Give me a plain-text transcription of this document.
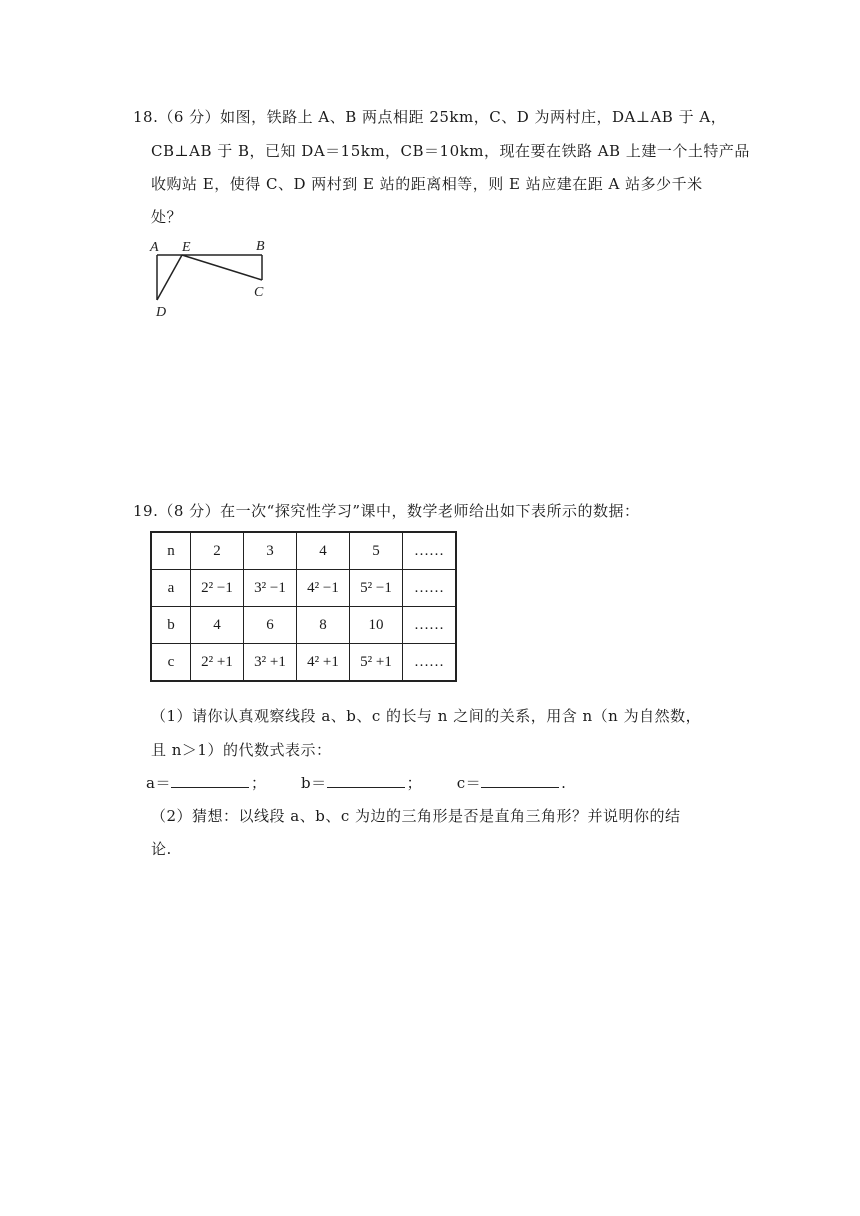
18.（6 分）如图，铁路上 A、B 两点相距 25km，C、D 为两村庄，DA⊥AB 于 A，
CB⊥AB 于 B，已知 DA＝15km，CB＝10km，现在要在铁路 AB 上建一个土特产品
收购站 E，使得 C、D 两村到 E 站的距离相等，则 E 站应建在距 A 站多少千米
处？
A E	B
C
D
19.（8 分）在一次“探究性学习”课中，数学老师给出如下表所示的数据：
n	2	3	4	5	……
a	2² −1	3² −1	4² −1	5² −1	……
b	4	6	8	10	……
c	2² +1	3² +1	4² +1	5² +1	……
（1）请你认真观察线段 a、b、c 的长与 n 之间的关系，用含 n（n 为自然数，
且 n＞1）的代数式表示：
a＝	； b＝	； c＝	.
（2）猜想：以线段 a、b、c 为边的三角形是否是直角三角形？并说明你的结
论.
